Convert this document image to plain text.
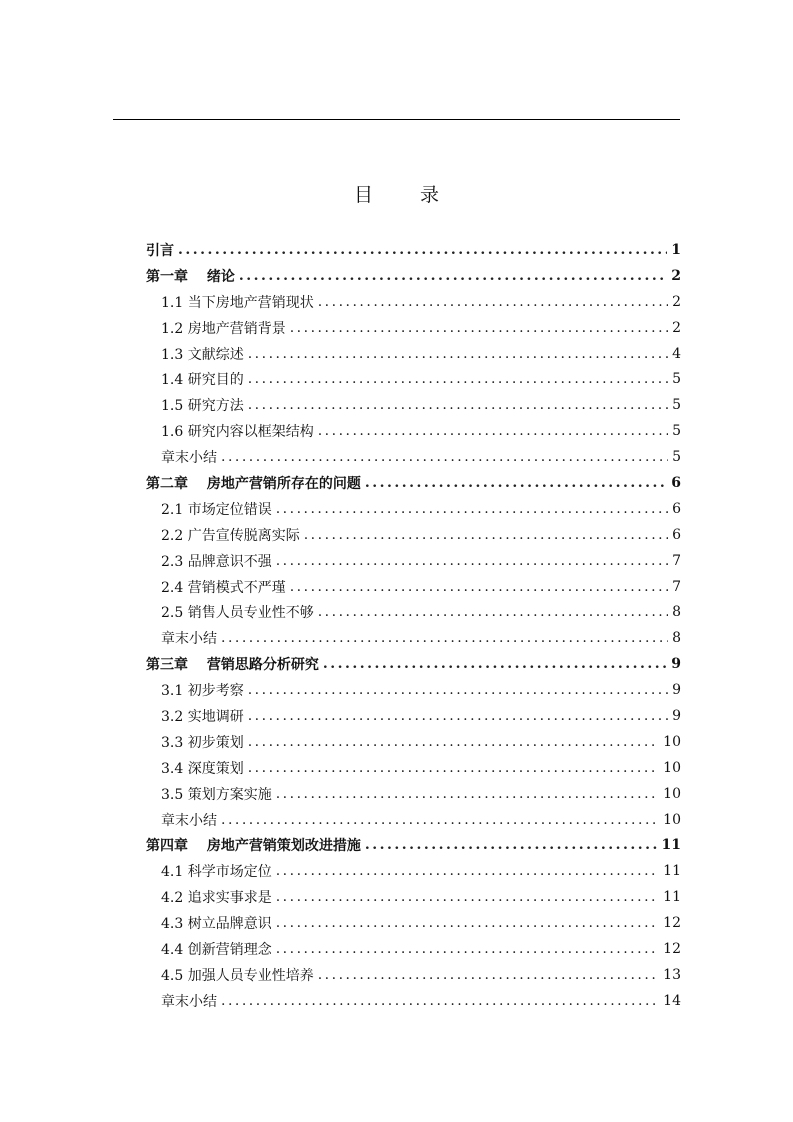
目　录
引言 .....	1
第一章　 绪论 .....	2
1.1 当下房地产营销现状 .....	2
1.2 房地产营销背景 .....	2
1.3 文献综述 .....	4
1.4 研究目的 .....	5
1.5 研究方法 .....	5
1.6 研究内容以框架结构 .....	5
章末小结 .....	5
第二章　 房地产营销所存在的问题 .....	6
2.1 市场定位错误 .....	6
2.2 广告宣传脱离实际 .....	6
2.3 品牌意识不强 .....	7
2.4 营销模式不严瑾 .....	7
2.5 销售人员专业性不够 .....	8
章末小结 .....	8
第三章　 营销思路分析研究 .....	9
3.1 初步考察 .....	9
3.2 实地调研 .....	9
3.3 初步策划 .....	10
3.4 深度策划 .....	10
3.5 策划方案实施 .....	10
章末小结 .....	10
第四章　 房地产营销策划改进措施 .....	11
4.1 科学市场定位 .....	11
4.2 追求实事求是 .....	11
4.3 树立品牌意识 .....	12
4.4 创新营销理念 .....	12
4.5 加强人员专业性培养 .....	13
章末小结 .....	14
